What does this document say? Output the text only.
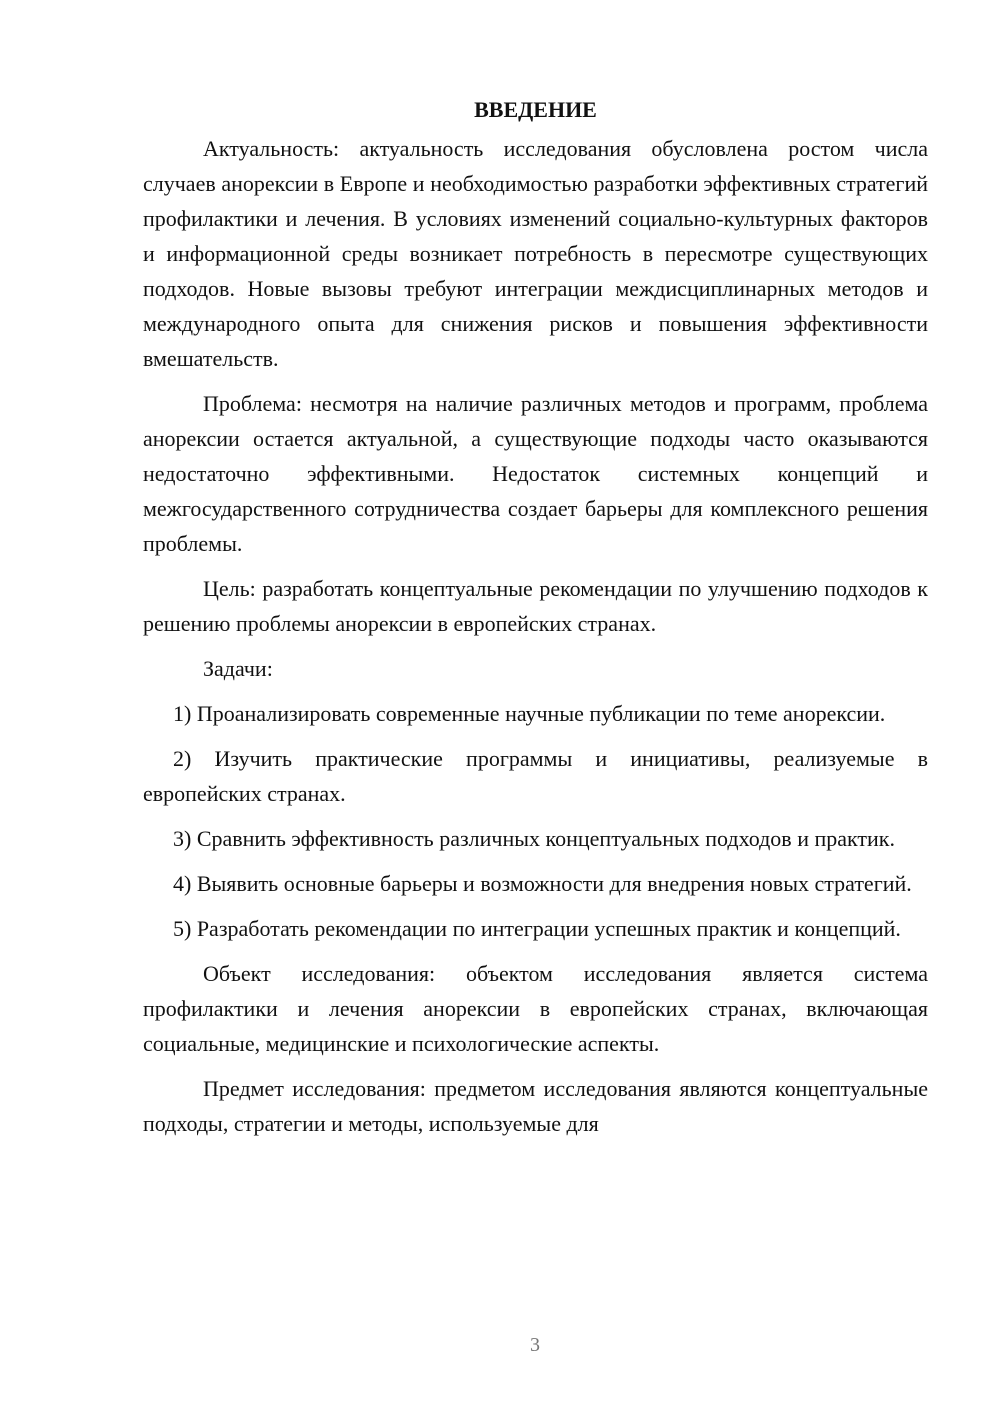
ВВЕДЕНИЕ

Актуальность: актуальность исследования обусловлена ростом числа случаев анорексии в Европе и необходимостью разработки эффективных стратегий профилактики и лечения. В условиях изменений социально-культурных факторов и информационной среды возникает потребность в пересмотре существующих подходов. Новые вызовы требуют интеграции междисциплинарных методов и международного опыта для снижения рисков и повышения эффективности вмешательств.

Проблема: несмотря на наличие различных методов и программ, проблема анорексии остается актуальной, а существующие подходы часто оказываются недостаточно эффективными. Недостаток системных концепций и межгосударственного сотрудничества создает барьеры для комплексного решения проблемы.

Цель: разработать концептуальные рекомендации по улучшению подходов к решению проблемы анорексии в европейских странах.

Задачи:

1) Проанализировать современные научные публикации по теме анорексии.

2) Изучить практические программы и инициативы, реализуемые в европейских странах.

3) Сравнить эффективность различных концептуальных подходов и практик.

4) Выявить основные барьеры и возможности для внедрения новых стратегий.

5) Разработать рекомендации по интеграции успешных практик и концепций.

Объект исследования: объектом исследования является система профилактики и лечения анорексии в европейских странах, включающая социальные, медицинские и психологические аспекты.

Предмет исследования: предметом исследования являются концептуальные подходы, стратегии и методы, используемые для

3
